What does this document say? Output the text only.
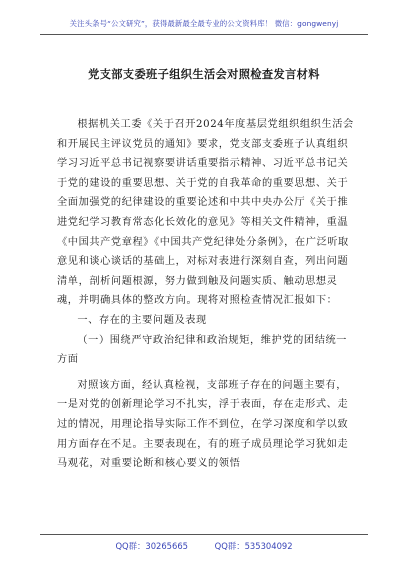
关注头条号“公文研究”，获得最新最全最专业的公文资料库！ 微信：gongwenyj
党支部支委班子组织生活会对照检查发言材料

根据机关工委《关于召开2024年度基层党组织组织生活会和开展民主评议党员的通知》要求，党支部支委班子认真组织学习习近平总书记视察要讲话重要指示精神、习近平总书记关于党的建设的重要思想、关于党的自我革命的重要思想、关于全面加强党的纪律建设的重要论述和中共中央办公厅《关于推进党纪学习教育常态化长效化的意见》等相关文件精神，重温《中国共产党章程》《中国共产党纪律处分条例》，在广泛听取意见和谈心谈话的基础上，对标对表进行深刻自查，列出问题清单，剖析问题根源，努力做到触及问题实质、触动思想灵魂，并明确具体的整改方向。现将对照检查情况汇报如下：

一、存在的主要问题及表现

（一）围绕严守政治纪律和政治规矩，维护党的团结统一方面

对照该方面，经认真检视，支部班子存在的问题主要有，一是对党的创新理论学习不扎实，浮于表面，存在走形式、走过的情况，用理论指导实际工作不到位，在学习深度和学以致用方面存在不足。主要表现在，有的班子成员理论学习犹如走马观花，对重要论断和核心要义的领悟

QQ群：30265665	QQ群：535304092
